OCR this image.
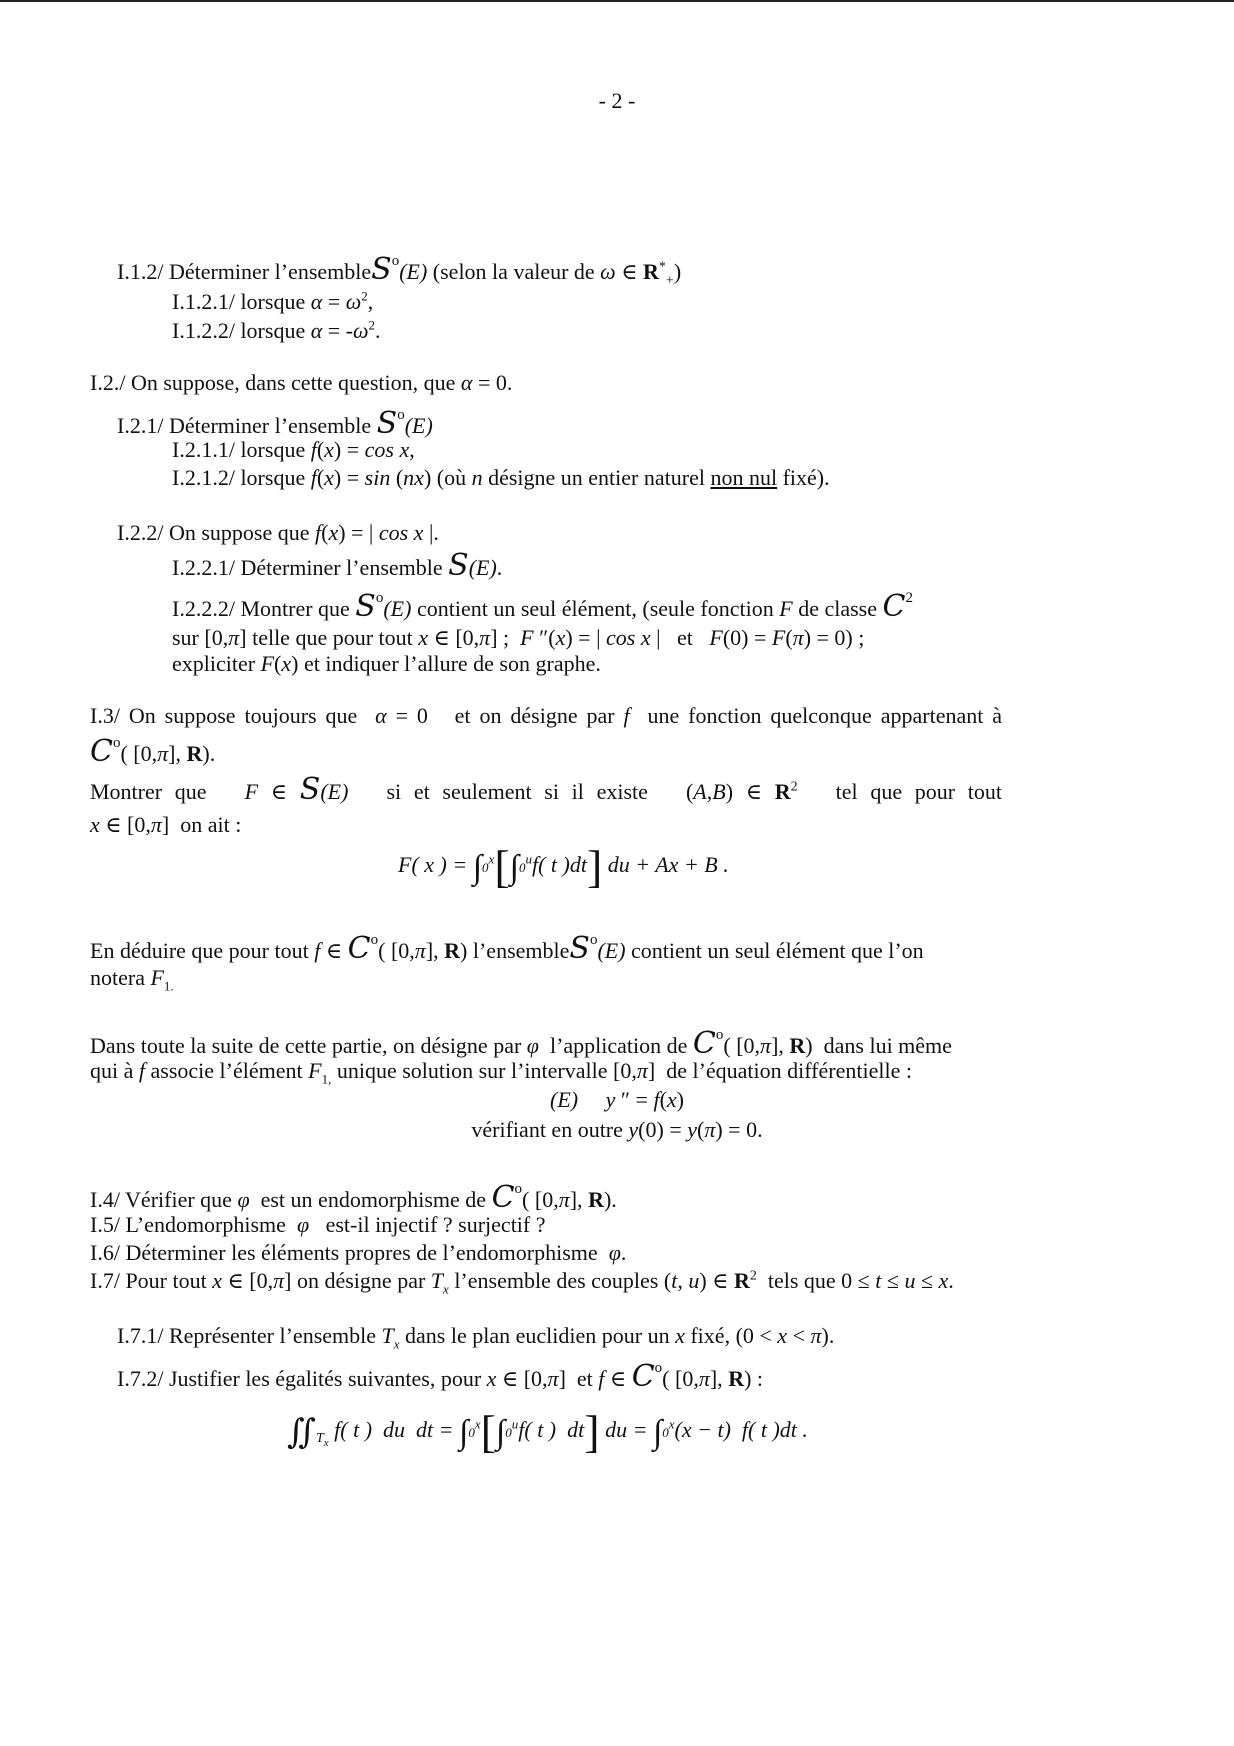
- 2 -
I.1.2/ Déterminer l’ensembleS$^o$(E) (selon la valeur de ω ∈ $R^*_+$)
I.1.2.1/ lorsque $\alpha = \omega^2$,
I.1.2.2/ lorsque $\alpha = -\omega^2$.
I.2./ On suppose, dans cette question, que α = 0.
I.2.1/ Déterminer l’ensemble $S^o(E)$
I.2.1.1/ lorsque f(x) = cos x,
I.2.1.2/ lorsque f(x) = sin (nx) (où n désigne un entier naturel non nul fixé).
I.2.2/ On suppose que f(x) = | cos x |.
I.2.2.1/ Déterminer l’ensemble S(E).
I.2.2.2/ Montrer que $S^o(E)$ contient un seul élément, (seule fonction F de classe $C^2$
sur [0,π] telle que pour tout x ∈ [0,π] ;  F ″(x) = | cos x |   et   F(0) = F(π) = 0) ;
expliciter F(x) et indiquer l’allure de son graphe.
I.3/ On suppose toujours que α = 0   et on désigne par f une fonction quelconque appartenant à
$C^o$( [0,π], R).
Montrer que F ∈ S(E) si et seulement si il existe   (A,B) ∈ $R^2$ tel que pour tout
x ∈ [0,π]  on ait :
F( x ) = $\int 0^x[\int 0^uf$( t )dt] du + Ax + B .
En déduire que pour tout f ∈ $C^o$( [0,π], R) l’ensembleS$^o$(E) contient un seul élément que l’on
notera $F_{1.}$
Dans toute la suite de cette partie, on désigne par φ l’application de $C^o$( [0,π], R)  dans lui même
qui à f associe l’élément $F_{1,}$ unique solution sur l’intervalle [0,π]  de l’équation différentielle :
(E) y ″ = f(x)
vérifiant en outre y(0) = y(π) = 0.
I.4/ Vérifier que φ est un endomorphisme de $C^o$( [0,π], R).
I.5/ L’endomorphisme φ est-il injectif ? surjectif ?
I.6/ Déterminer les éléments propres de l’endomorphisme φ.
I.7/ Pour tout x ∈ [0,π] on désigne par $T_x$ l’ensemble des couples (t, u) ∈ $R^2$ tels que 0 ≤ t ≤ u ≤ x.
I.7.1/ Représenter l’ensemble $T_x$ dans le plan euclidien pour un x fixé, (0 < x < π).
I.7.2/ Justifier les égalités suivantes, pour x ∈ [0,π]  et f ∈ $C^o$( [0,π], R) :
$∬_{T_x}$ f( t )  du  dt = $\int 0^x[\int 0^uf$( t )  dt] du = $\int 0^x(x - t)$  f( t )dt .
